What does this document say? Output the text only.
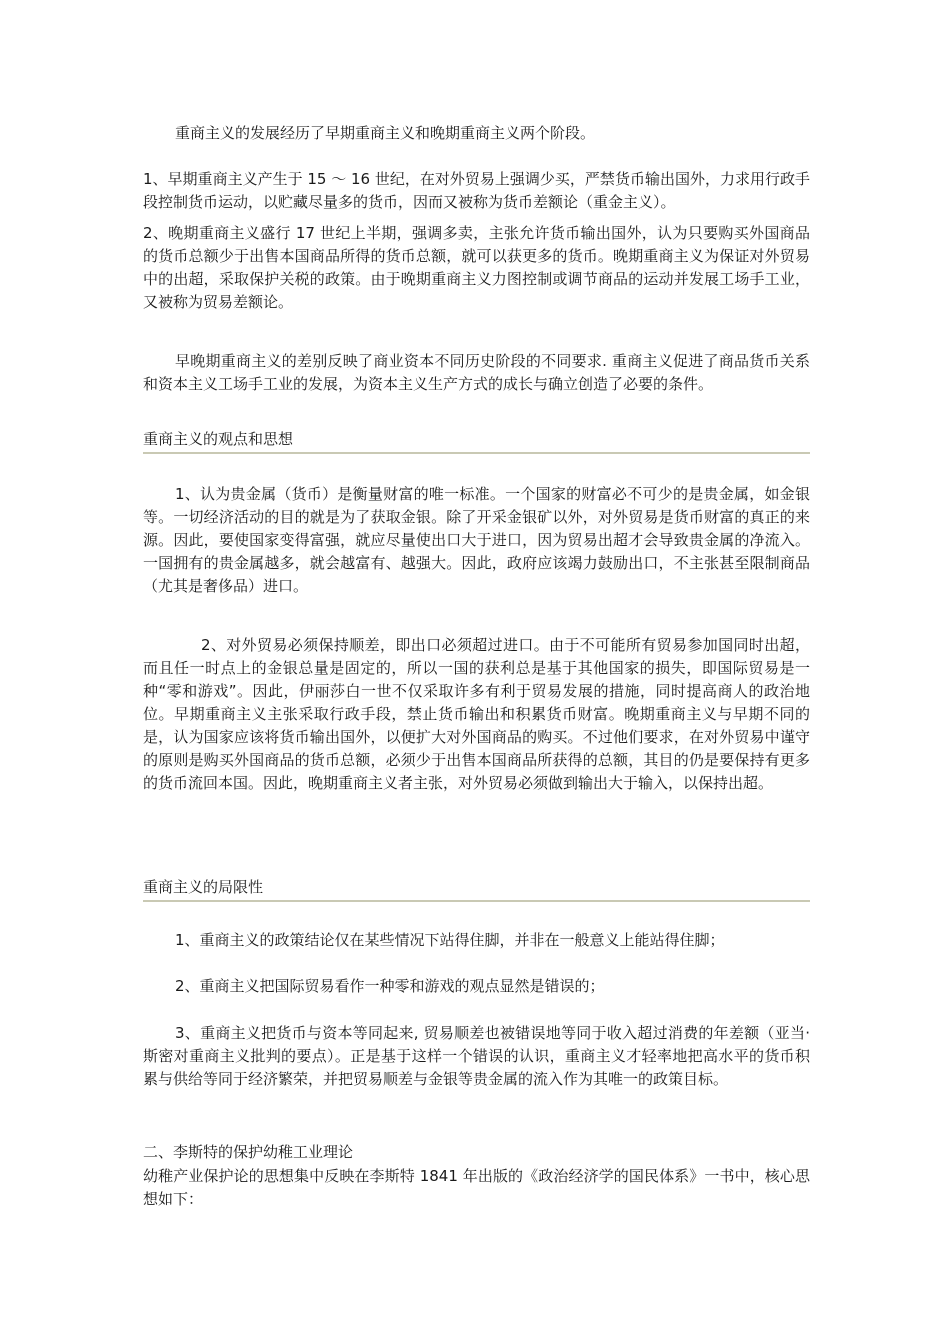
重商主义的发展经历了早期重商主义和晚期重商主义两个阶段。

1、早期重商主义产生于 15 ～ 16 世纪，在对外贸易上强调少买，严禁货币输出国外，力求用行政手段控制货币运动，以贮藏尽量多的货币，因而又被称为货币差额论（重金主义）。

2、晚期重商主义盛行 17 世纪上半期，强调多卖，主张允许货币输出国外，认为只要购买外国商品的货币总额少于出售本国商品所得的货币总额，就可以获更多的货币。晚期重商主义为保证对外贸易中的出超，采取保护关税的政策。由于晚期重商主义力图控制或调节商品的运动并发展工场手工业，又被称为贸易差额论。

早晚期重商主义的差别反映了商业资本不同历史阶段的不同要求. 重商主义促进了商品货币关系和资本主义工场手工业的发展，为资本主义生产方式的成长与确立创造了必要的条件。

重商主义的观点和思想

1、认为贵金属（货币）是衡量财富的唯一标准。一个国家的财富必不可少的是贵金属，如金银等。一切经济活动的目的就是为了获取金银。除了开采金银矿以外，对外贸易是货币财富的真正的来源。因此，要使国家变得富强，就应尽量使出口大于进口，因为贸易出超才会导致贵金属的净流入。一国拥有的贵金属越多，就会越富有、越强大。因此，政府应该竭力鼓励出口，不主张甚至限制商品（尤其是奢侈品）进口。

2、对外贸易必须保持顺差，即出口必须超过进口。由于不可能所有贸易参加国同时出超，而且任一时点上的金银总量是固定的，所以一国的获利总是基于其他国家的损失，即国际贸易是一种“零和游戏”。因此，伊丽莎白一世不仅采取许多有利于贸易发展的措施，同时提高商人的政治地位。早期重商主义主张采取行政手段，禁止货币输出和积累货币财富。晚期重商主义与早期不同的是，认为国家应该将货币输出国外，以便扩大对外国商品的购买。不过他们要求，在对外贸易中谨守的原则是购买外国商品的货币总额，必须少于出售本国商品所获得的总额，其目的仍是要保持有更多的货币流回本国。因此，晚期重商主义者主张，对外贸易必须做到输出大于输入，以保持出超。

重商主义的局限性

1、重商主义的政策结论仅在某些情况下站得住脚，并非在一般意义上能站得住脚；

2、重商主义把国际贸易看作一种零和游戏的观点显然是错误的；

3、重商主义把货币与资本等同起来, 贸易顺差也被错误地等同于收入超过消费的年差额（亚当·斯密对重商主义批判的要点）。正是基于这样一个错误的认识，重商主义才轻率地把高水平的货币积累与供给等同于经济繁荣，并把贸易顺差与金银等贵金属的流入作为其唯一的政策目标。

二、李斯特的保护幼稚工业理论

幼稚产业保护论的思想集中反映在李斯特 1841 年出版的《政治经济学的国民体系》一书中，核心思想如下：
